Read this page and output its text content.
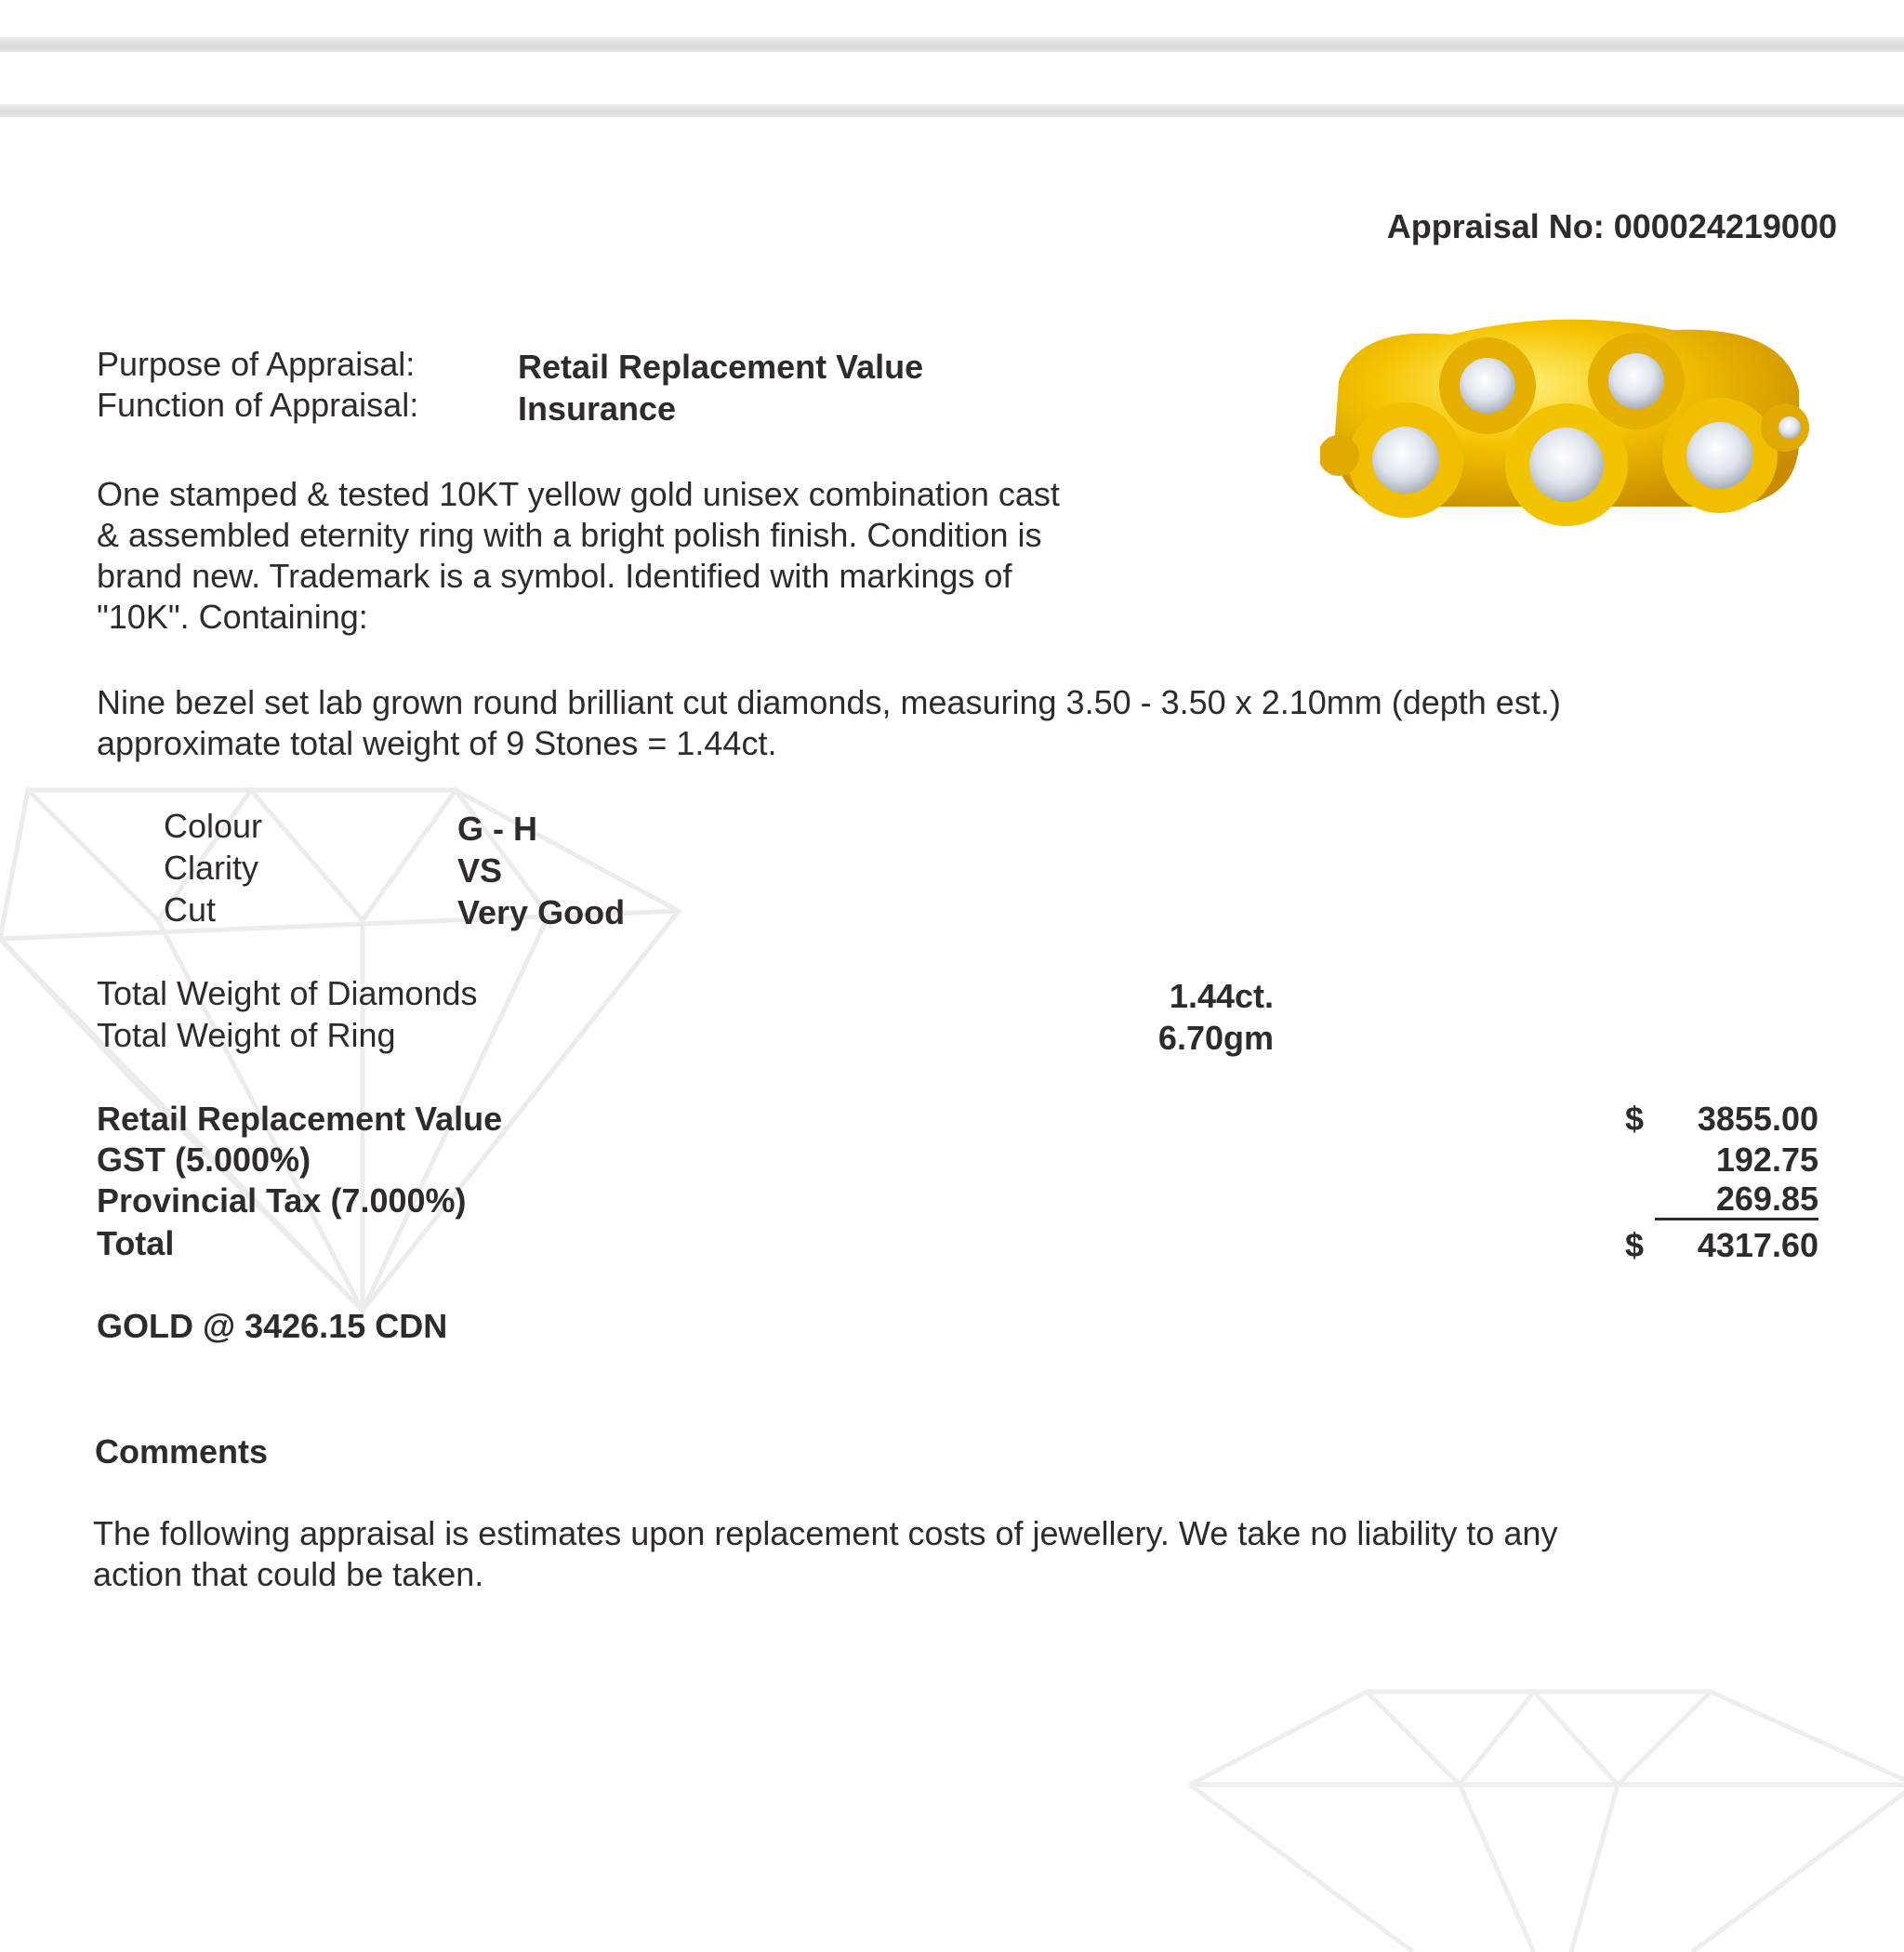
Appraisal No: 000024219000
Purpose of Appraisal:	Retail Replacement Value
Function of Appraisal:	Insurance
One stamped & tested 10KT yellow gold unisex combination cast
& assembled eternity ring with a bright polish finish. Condition is
brand new. Trademark is a symbol. Identified with markings of
"10K". Containing:
Nine bezel set lab grown round brilliant cut diamonds, measuring 3.50 - 3.50 x 2.10mm (depth est.)
approximate total weight of 9 Stones = 1.44ct.
Colour	G - H
Clarity	VS
Cut	Very Good
Total Weight of Diamonds	1.44ct.
Total Weight of Ring	6.70gm
Retail Replacement Value	$ 3855.00
GST (5.000%)	192.75
Provincial Tax (7.000%)	269.85
Total	$ 4317.60
GOLD @ 3426.15 CDN
Comments
The following appraisal is estimates upon replacement costs of jewellery. We take no liability to any
action that could be taken.
